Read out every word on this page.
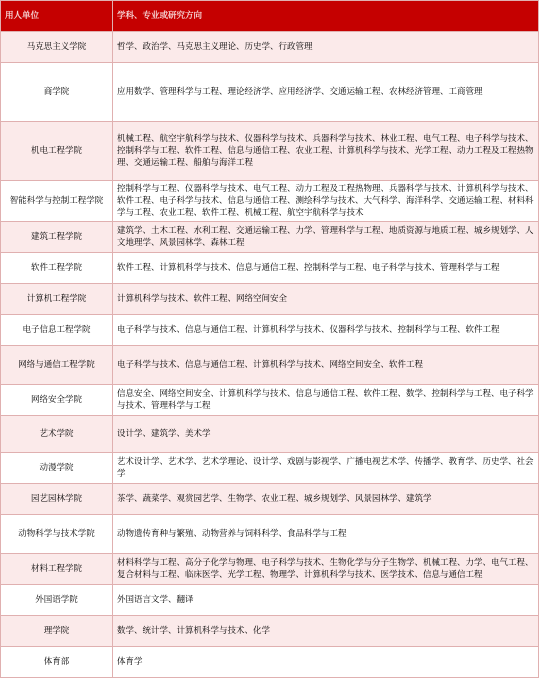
用人单位	学科、专业或研究方向
马克思主义学院	哲学、政治学、马克思主义理论、历史学、行政管理
商学院	应用数学、管理科学与工程、理论经济学、应用经济学、交通运输工程、农林经济管理、工商管理
机电工程学院	机械工程、航空宇航科学与技术、仪器科学与技术、兵器科学与技术、林业工程、电气工程、电子科学与技术、控制科学与工程、软件工程、信息与通信工程、农业工程、计算机科学与技术、光学工程、动力工程及工程热物理、交通运输工程、船舶与海洋工程
智能科学与控制工程学院	控制科学与工程、仪器科学与技术、电气工程、动力工程及工程热物理、兵器科学与技术、计算机科学与技术、软件工程、电子科学与技术、信息与通信工程、测绘科学与技术、大气科学、海洋科学、交通运输工程、材料科学与工程、农业工程、软件工程、机械工程、航空宇航科学与技术
建筑工程学院	建筑学、土木工程、水利工程、交通运输工程、力学、管理科学与工程、地质资源与地质工程、城乡规划学、人文地理学、风景园林学、森林工程
软件工程学院	软件工程、计算机科学与技术、信息与通信工程、控制科学与工程、电子科学与技术、管理科学与工程
计算机工程学院	计算机科学与技术、软件工程、网络空间安全
电子信息工程学院	电子科学与技术、信息与通信工程、计算机科学与技术、仪器科学与技术、控制科学与工程、软件工程
网络与通信工程学院	电子科学与技术、信息与通信工程、计算机科学与技术、网络空间安全、软件工程
网络安全学院	信息安全、网络空间安全、计算机科学与技术、信息与通信工程、软件工程、数学、控制科学与工程、电子科学与技术、管理科学与工程
艺术学院	设计学、建筑学、美术学
动漫学院	艺术设计学、艺术学、艺术学理论、设计学、戏剧与影视学、广播电视艺术学、传播学、教育学、历史学、社会学
园艺园林学院	茶学、蔬菜学、观赏园艺学、生物学、农业工程、城乡规划学、风景园林学、建筑学
动物科学与技术学院	动物遗传育种与繁殖、动物营养与饲料科学、食品科学与工程
材料工程学院	材料科学与工程、高分子化学与物理、电子科学与技术、生物化学与分子生物学、机械工程、力学、电气工程、复合材料与工程、临床医学、光学工程、物理学、计算机科学与技术、医学技术、信息与通信工程
外国语学院	外国语言文学、翻译
理学院	数学、统计学、计算机科学与技术、化学
体育部	体育学
